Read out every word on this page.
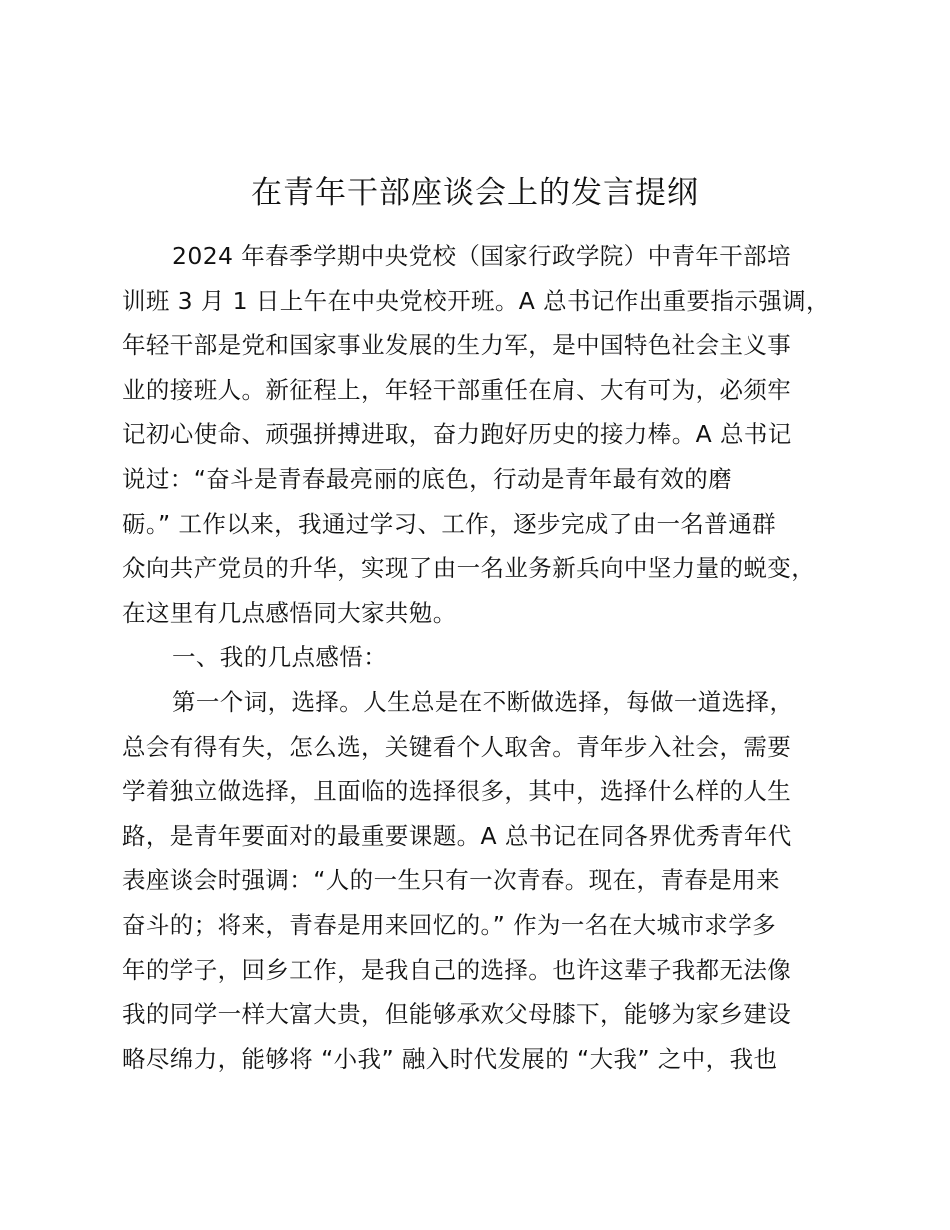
在青年干部座谈会上的发言提纲
2024 年春季学期中央党校（国家行政学院）中青年干部培
训班 3 月 1 日上午在中央党校开班。A 总书记作出重要指示强调，
年轻干部是党和国家事业发展的生力军，是中国特色社会主义事
业的接班人。新征程上，年轻干部重任在肩、大有可为，必须牢
记初心使命、顽强拼搏进取，奋力跑好历史的接力棒。A 总书记
说过：“奋斗是青春最亮丽的底色，行动是青年最有效的磨
砺。” 工作以来，我通过学习、工作，逐步完成了由一名普通群
众向共产党员的升华，实现了由一名业务新兵向中坚力量的蜕变，
在这里有几点感悟同大家共勉。
一、我的几点感悟：
第一个词，选择。人生总是在不断做选择，每做一道选择，
总会有得有失，怎么选，关键看个人取舍。青年步入社会，需要
学着独立做选择，且面临的选择很多，其中，选择什么样的人生
路，是青年要面对的最重要课题。A 总书记在同各界优秀青年代
表座谈会时强调：“人的一生只有一次青春。现在，青春是用来
奋斗的；将来，青春是用来回忆的。” 作为一名在大城市求学多
年的学子，回乡工作，是我自己的选择。也许这辈子我都无法像
我的同学一样大富大贵，但能够承欢父母膝下，能够为家乡建设
略尽绵力，能够将 “小我” 融入时代发展的 “大我” 之中，我也
